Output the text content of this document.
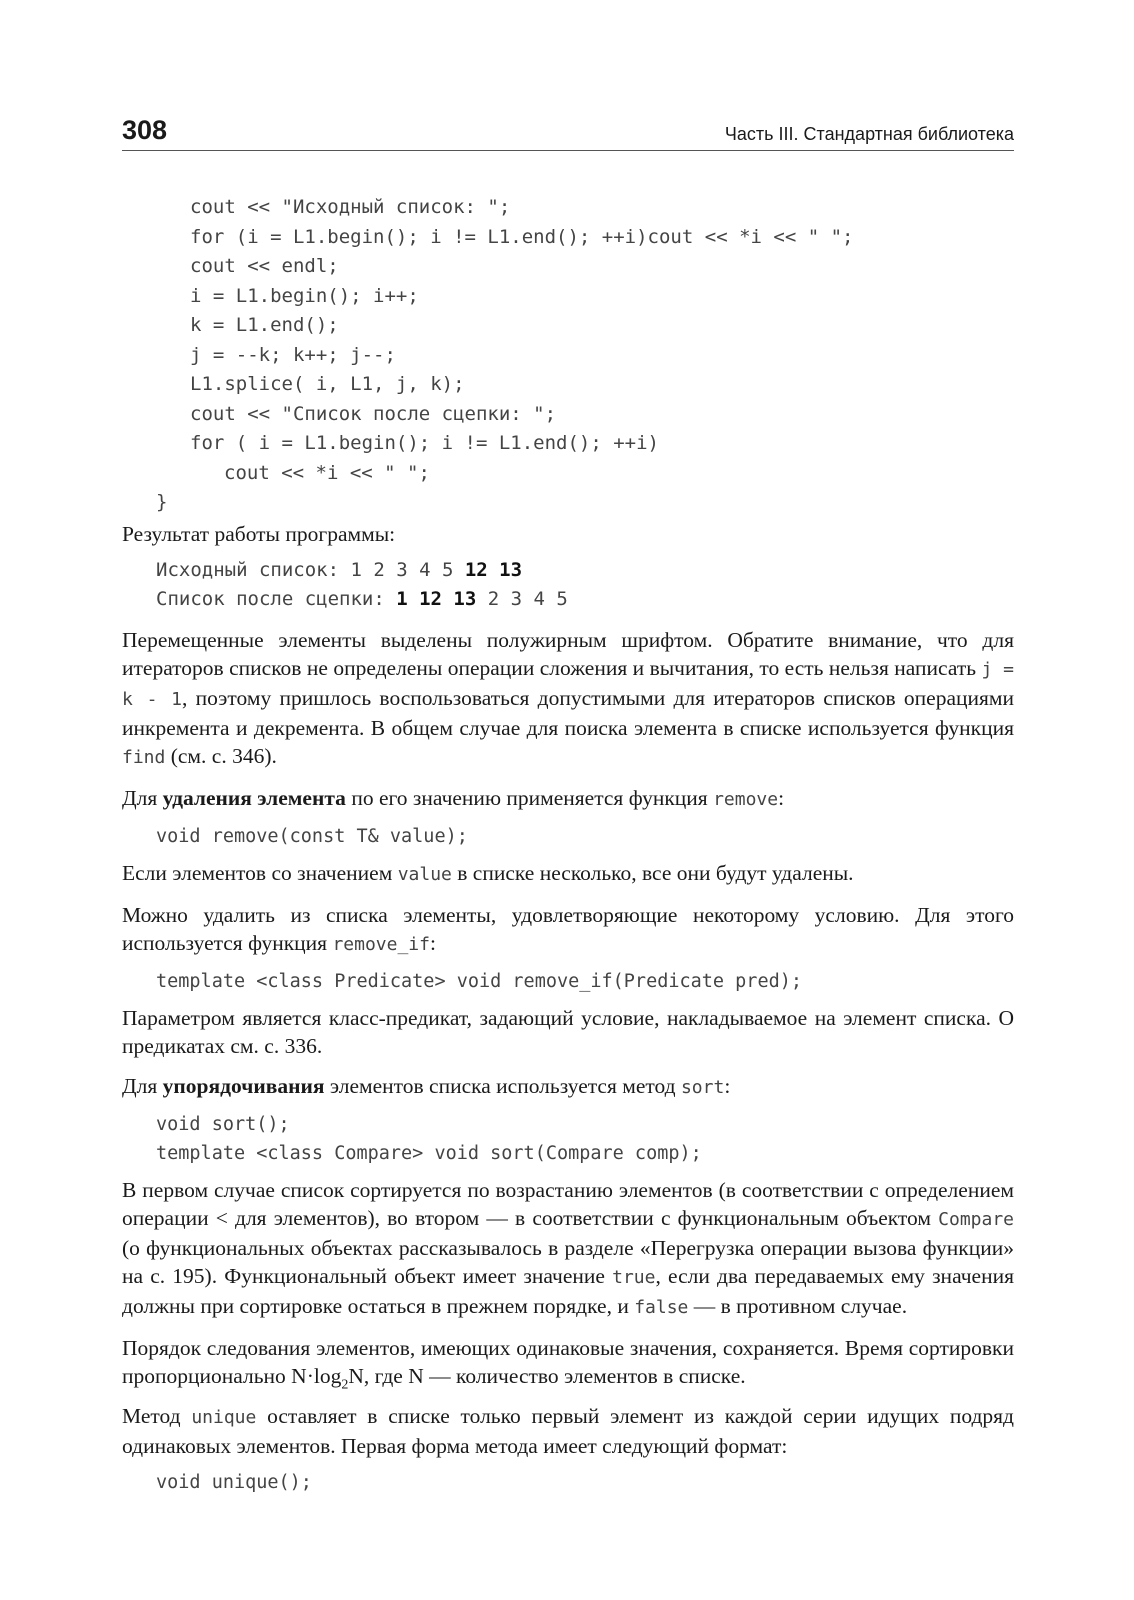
308	Часть III. Стандартная библиотека
cout << "Исходный список: ";
for (i = L1.begin(); i != L1.end(); ++i)cout << *i << " ";
cout << endl;
i = L1.begin(); i++;
k = L1.end();
j = --k; k++; j--;
L1.splice( i, L1, j, k);
cout << "Список после сцепки: ";
for ( i = L1.begin(); i != L1.end(); ++i)
cout << *i << " ";
}

Результат работы программы:

Исходный список: 1 2 3 4 5 12 13
Список после сцепки: 1 12 13 2 3 4 5

Перемещенные элементы выделены полужирным шрифтом. Обратите внимание, что для итераторов списков не определены операции сложения и вычитания, то есть нельзя написать j = k - 1, поэтому пришлось воспользоваться допустимыми для итераторов списков операциями инкремента и декремента. В общем случае для поиска элемента в списке используется функция find (см. с. 346).

Для удаления элемента по его значению применяется функция remove:

void remove(const T& value);

Если элементов со значением value в списке несколько, все они будут удалены.

Можно удалить из списка элементы, удовлетворяющие некоторому условию. Для этого используется функция remove_if:

template <class Predicate> void remove_if(Predicate pred);

Параметром является класс-предикат, задающий условие, накладываемое на элемент списка. О предикатах см. с. 336.

Для упорядочивания элементов списка используется метод sort:

void sort();
template <class Compare> void sort(Compare comp);

В первом случае список сортируется по возрастанию элементов (в соответствии с определением операции < для элементов), во втором — в соответствии с функциональным объектом Compare (о функциональных объектах рассказывалось в разделе «Перегрузка операции вызова функции» на с. 195). Функциональный объект имеет значение true, если два передаваемых ему значения должны при сортировке остаться в прежнем порядке, и false — в противном случае.

Порядок следования элементов, имеющих одинаковые значения, сохраняется. Время сортировки пропорционально $N\cdot\log_2N$, где N — количество элементов в списке.

Метод unique оставляет в списке только первый элемент из каждой серии идущих подряд одинаковых элементов. Первая форма метода имеет следующий формат:

void unique();
